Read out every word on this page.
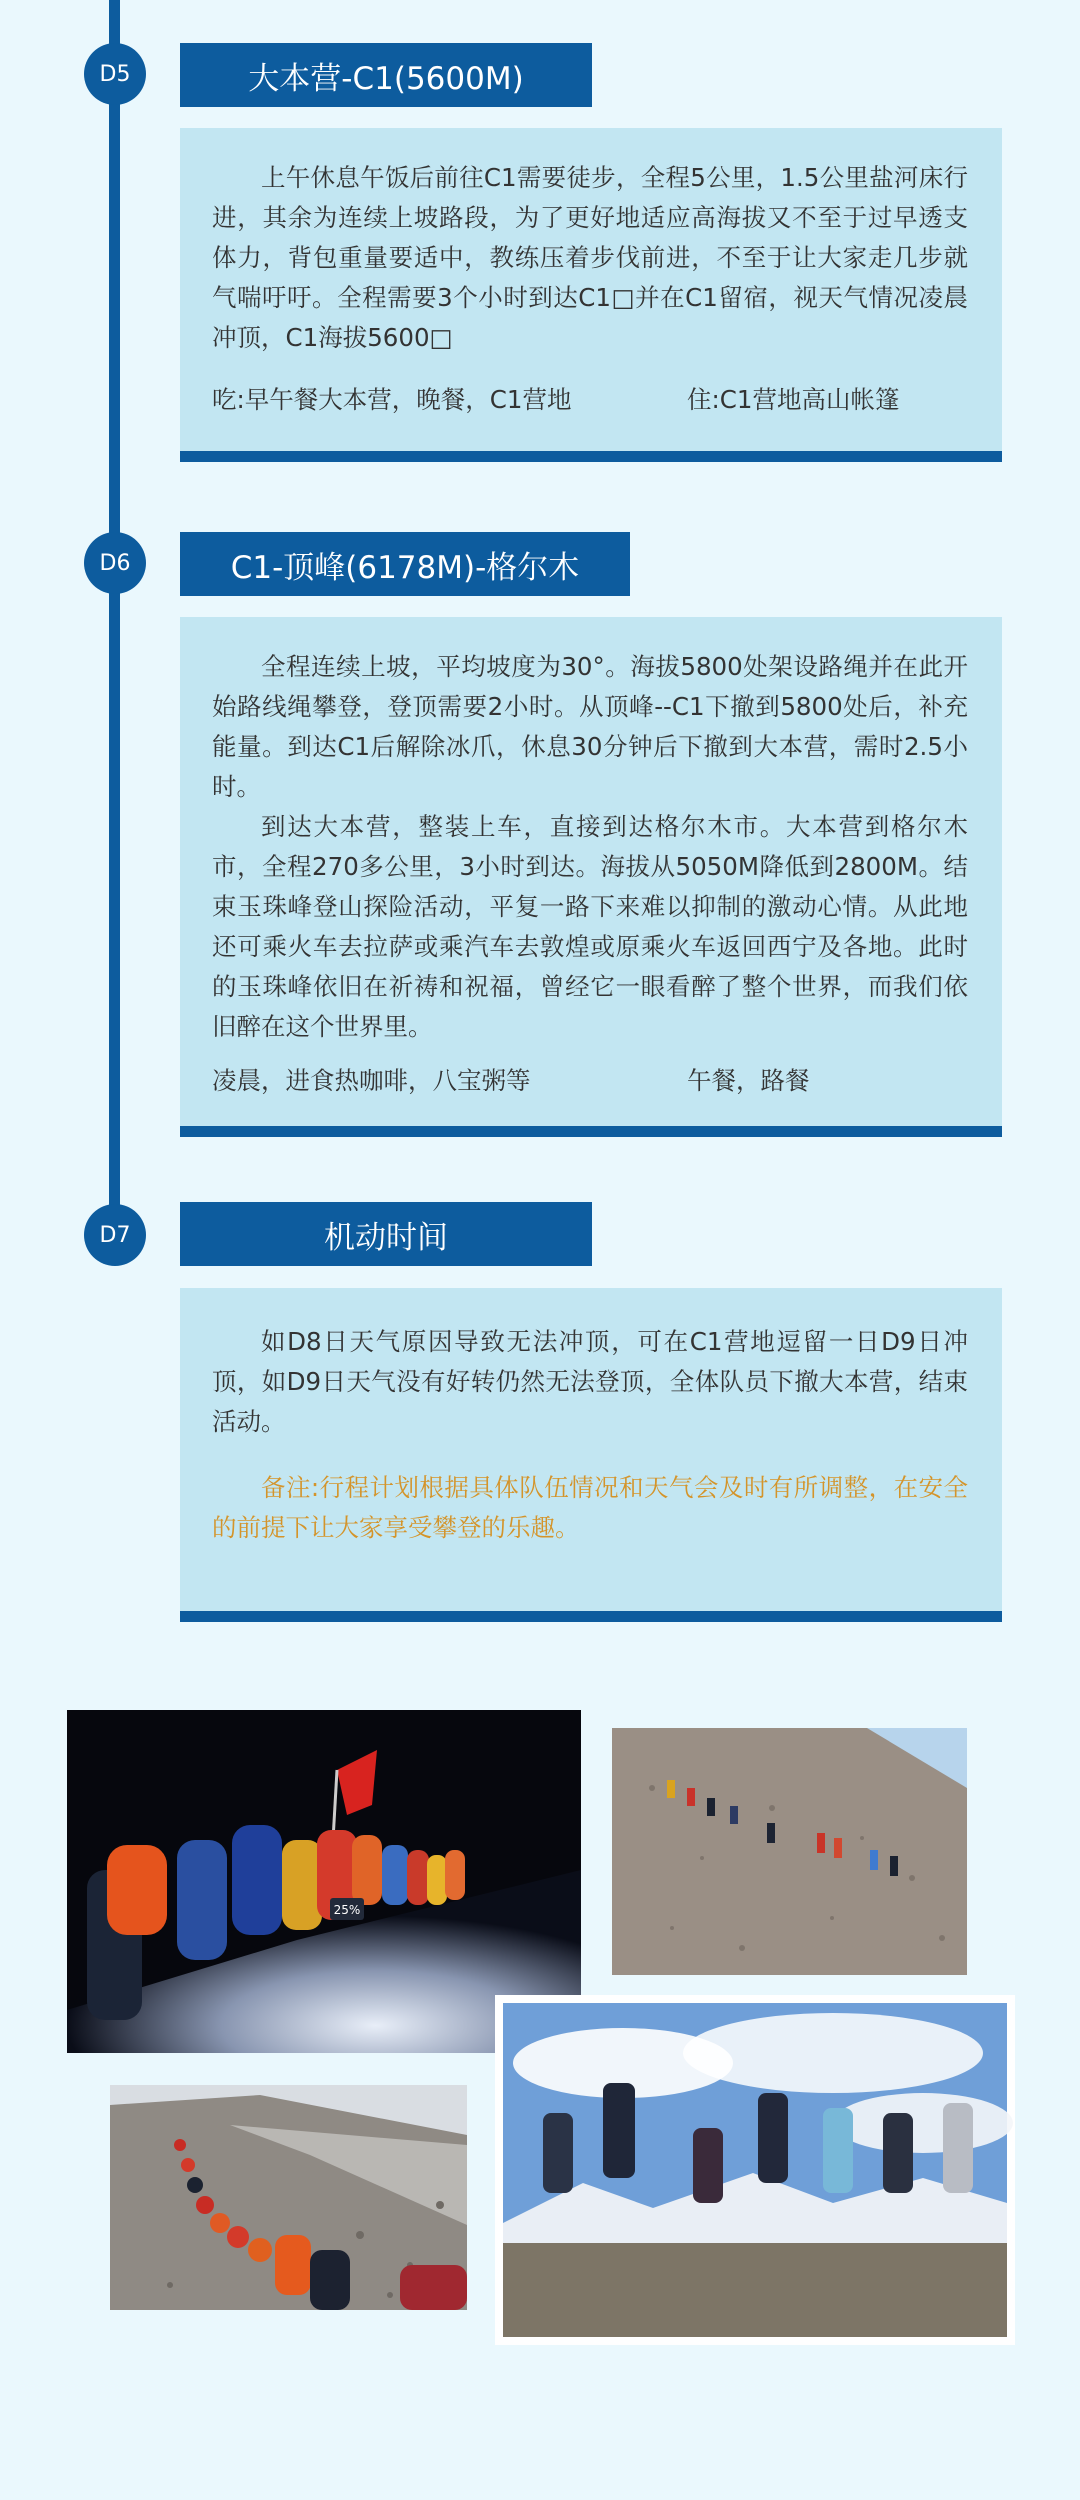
D5	大本营-C1(5600M)

上午休息午饭后前往C1需要徒步，全程5公里，1.5公里盐河床行进，其余为连续上坡路段，为了更好地适应高海拔又不至于过早透支体力，背包重量要适中，教练压着步伐前进，不至于让大家走几步就气喘吁吁。全程需要3个小时到达C1□并在C1留宿，视天气情况凌晨冲顶，C1海拔5600□

吃:早午餐大本营，晚餐，C1营地	住:C1营地高山帐篷
D6	C1-顶峰(6178M)-格尔木

全程连续上坡，平均坡度为30°。海拔5800处架设路绳并在此开始路线绳攀登，登顶需要2小时。从顶峰--C1下撤到5800处后，补充能量。到达C1后解除冰爪，休息30分钟后下撤到大本营，需时2.5小时。

到达大本营，整装上车，直接到达格尔木市。大本营到格尔木市，全程270多公里，3小时到达。海拔从5050M降低到2800M。结束玉珠峰登山探险活动，平复一路下来难以抑制的激动心情。从此地还可乘火车去拉萨或乘汽车去敦煌或原乘火车返回西宁及各地。此时的玉珠峰依旧在祈祷和祝福，曾经它一眼看醉了整个世界，而我们依旧醉在这个世界里。

凌晨，进食热咖啡，八宝粥等	午餐，路餐
D7	机动时间

如D8日天气原因导致无法冲顶，可在C1营地逗留一日D9日冲顶，如D9日天气没有好转仍然无法登顶，全体队员下撤大本营，结束活动。

备注:行程计划根据具体队伍情况和天气会及时有所调整，在安全的前提下让大家享受攀登的乐趣。

25%
